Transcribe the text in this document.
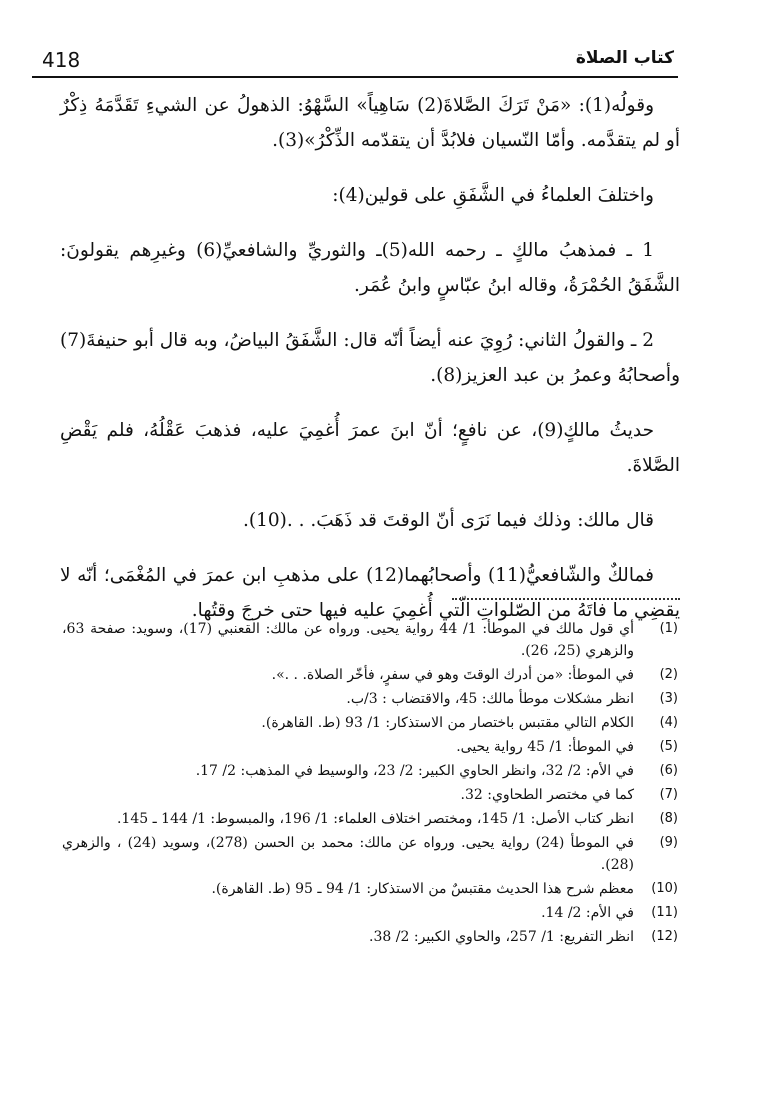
418	كتاب الصلاة

وقولُه(1): «مَنْ تَرَكَ الصَّلاةَ(2) سَاهِياً» السَّهْوُ: الذهولُ عن الشيءِ تَقَدَّمَهُ ذِكْرٌ أو لم يتقدَّمه. وأمّا النّسيان فلابُدَّ أن يتقدّمه الذِّكْرُ»(3).

واختلفَ العلماءُ في الشَّفَقِ على قولين(4):

1 ـ فمذهبُ مالكٍ ـ رحمه الله(5)ـ والثوريِّ والشافعيِّ(6) وغيرِهم يقولونَ: الشَّفَقُ الحُمْرَةُ، وقاله ابنُ عبّاسٍ وابنُ عُمَر.

2 ـ والقولُ الثاني: رُوِيَ عنه أيضاً أنّه قال: الشَّفَقُ البياضُ، وبه قال أبو حنيفةَ(7) وأصحابُهُ وعمرُ بن عبد العزيز(8).

حديثُ مالكٍ(9)، عن نافعٍ؛ أنّ ابنَ عمرَ أُغمِيَ عليه، فذهبَ عَقْلُهُ، فلم يَقْضِ الصَّلاةَ.

قال مالك: وذلك فيما نَرَى أنّ الوقتَ قد ذَهَبَ. . .(10).

فمالكٌ والشّافعيُّ(11) وأصحابُهما(12) على مذهبِ ابن عمرَ في المُغْمَى؛ أنّه لا يقضِي ما فاتَهُ من الصّلواتِ الّتي أُغمِيَ عليه فيها حتى خرجَ وقتُها.

(1)
أي قول مالك في الموطأ: 1/ 44 رواية يحيى. ورواه عن مالك: القعنبي (17)، وسويد: صفحة 63، والزهري (25، 26).
(2)
في الموطأ: «من أدرك الوقتَ وهو في سفرٍ، فأخّر الصلاة. . .».
(3)
انظر مشكلات موطأ مالك: 45، والاقتضاب : 3/ب.
(4)
الكلام التالي مقتبس باختصار من الاستذكار: 1/ 93 (ط. القاهرة).
(5)
في الموطأ: 1/ 45 رواية يحيى.
(6)
في الأم: 2/ 32، وانظر الحاوي الكبير: 2/ 23، والوسيط في المذهب: 2/ 17.
(7)
كما في مختصر الطحاوي: 32.
(8)
انظر كتاب الأصل: 1/ 145، ومختصر اختلاف العلماء: 1/ 196، والمبسوط: 1/ 144 ـ 145.
(9)
في الموطأ (24) رواية يحيى. ورواه عن مالك: محمد بن الحسن (278)، وسويد (24) ، والزهري (28).
(10)
معظم شرح هذا الحديث مقتبسٌ من الاستذكار: 1/ 94 ـ 95 (ط. القاهرة).
(11)
في الأم: 2/ 14.
(12)
انظر التفريع: 1/ 257، والحاوي الكبير: 2/ 38.
